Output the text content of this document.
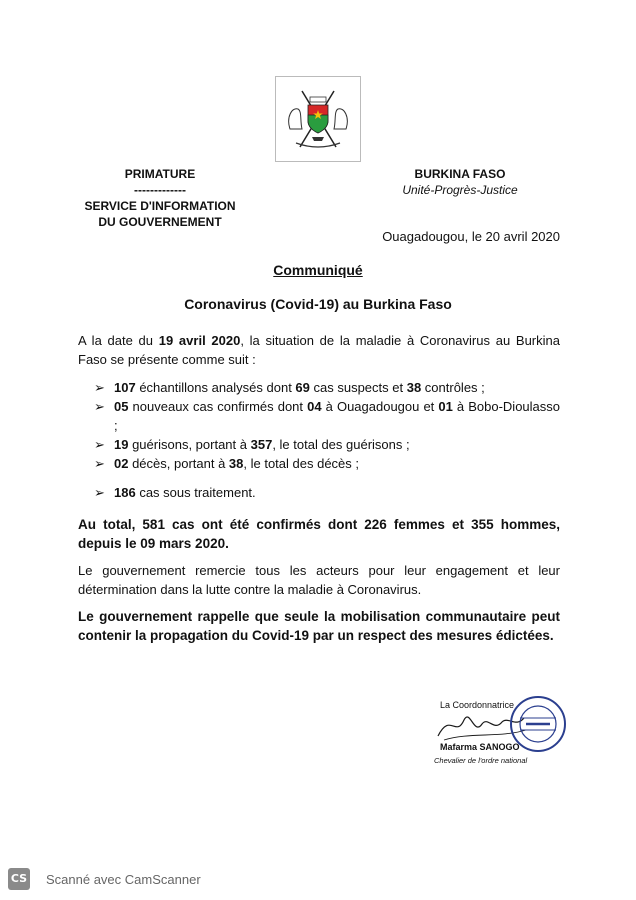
PRIMATURE
-------------
SERVICE D'INFORMATION
DU GOUVERNEMENT
BURKINA FASO
Unité-Progrès-Justice
Ouagadougou, le 20 avril 2020
Communiqué
Coronavirus (Covid-19) au Burkina Faso
A la date du 19 avril 2020, la situation de la maladie à Coronavirus au Burkina Faso se présente comme suit :
➢ 107 échantillons analysés dont 69 cas suspects et 38 contrôles ;
➢ 05 nouveaux cas confirmés dont 04 à Ouagadougou et 01 à Bobo-Dioulasso ;
➢ 19 guérisons, portant à 357, le total des guérisons ;
➢ 02 décès, portant à 38, le total des décès ;
➢ 186 cas sous traitement.
Au total, 581 cas ont été confirmés dont 226 femmes et 355 hommes, depuis le 09 mars 2020.
Le gouvernement remercie tous les acteurs pour leur engagement et leur détermination dans la lutte contre la maladie à Coronavirus.
Le gouvernement rappelle que seule la mobilisation communautaire peut contenir la propagation du Covid-19 par un respect des mesures édictées.
La Coordonnatrice
Mafarma SANOGO
Chevalier de l'ordre national
CS Scanné avec CamScanner
